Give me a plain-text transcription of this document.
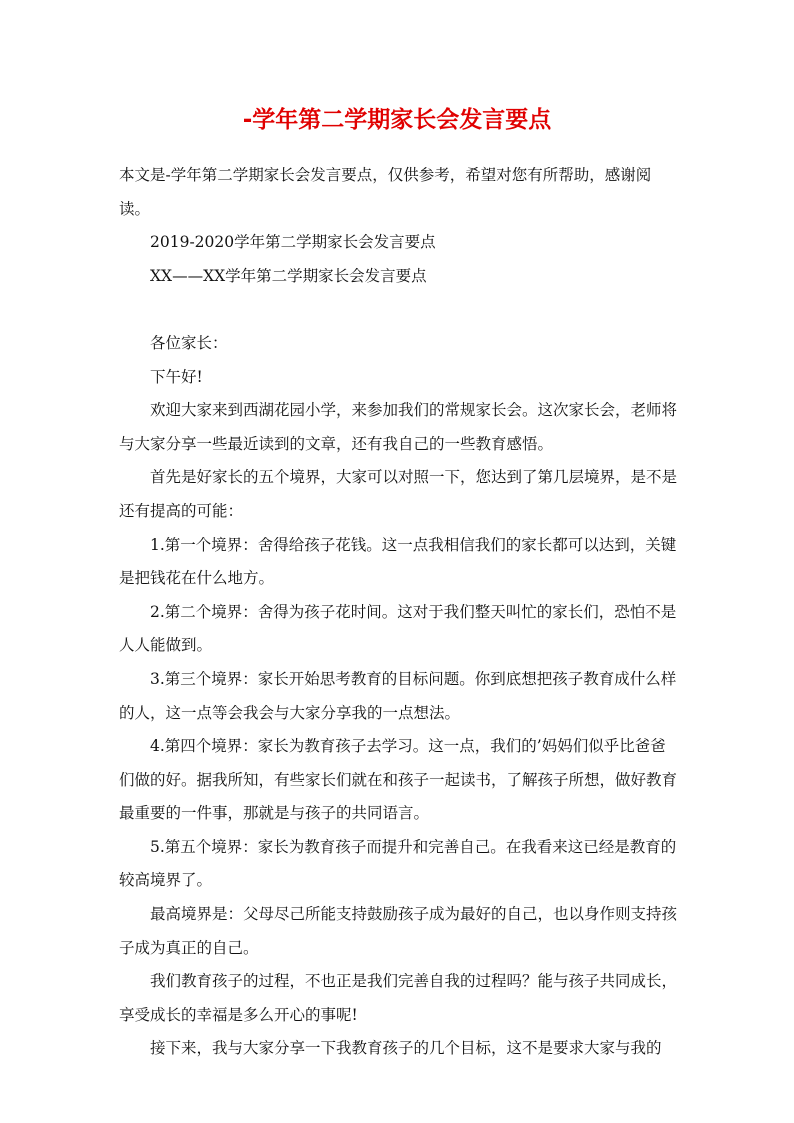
-学年第二学期家长会发言要点

本文是-学年第二学期家长会发言要点，仅供参考，希望对您有所帮助，感谢阅读。

2019-2020学年第二学期家长会发言要点

XX——XX学年第二学期家长会发言要点

各位家长：

下午好!

欢迎大家来到西湖花园小学，来参加我们的常规家长会。这次家长会，老师将与大家分享一些最近读到的文章，还有我自己的一些教育感悟。

首先是好家长的五个境界，大家可以对照一下，您达到了第几层境界，是不是还有提高的可能：

1.第一个境界：舍得给孩子花钱。这一点我相信我们的家长都可以达到，关键是把钱花在什么地方。

2.第二个境界：舍得为孩子花时间。这对于我们整天叫忙的家长们，恐怕不是人人能做到。

3.第三个境界：家长开始思考教育的目标问题。你到底想把孩子教育成什么样的人，这一点等会我会与大家分享我的一点想法。

4.第四个境界：家长为教育孩子去学习。这一点，我们的’妈妈们似乎比爸爸们做的好。据我所知，有些家长们就在和孩子一起读书，了解孩子所想，做好教育最重要的一件事，那就是与孩子的共同语言。

5.第五个境界：家长为教育孩子而提升和完善自己。在我看来这已经是教育的较高境界了。

最高境界是：父母尽己所能支持鼓励孩子成为最好的自己，也以身作则支持孩子成为真正的自己。

我们教育孩子的过程，不也正是我们完善自我的过程吗？能与孩子共同成长，享受成长的幸福是多么开心的事呢!

接下来，我与大家分享一下我教育孩子的几个目标，这不是要求大家与我的
